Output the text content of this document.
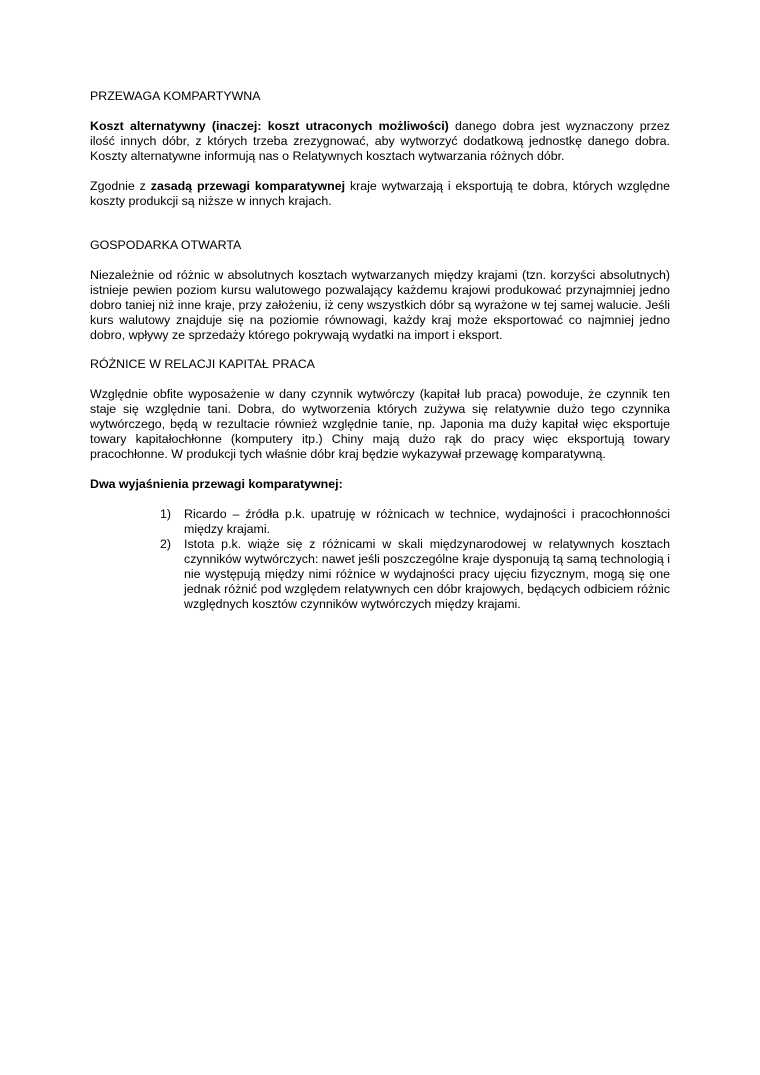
PRZEWAGA KOMPARTYWNA

Koszt alternatywny (inaczej: koszt utraconych możliwości) danego dobra jest wyznaczony przez ilość innych dóbr, z których trzeba zrezygnować, aby wytworzyć dodatkową jednostkę danego dobra. Koszty alternatywne informują nas o Relatywnych kosztach wytwarzania różnych dóbr.

Zgodnie z zasadą przewagi komparatywnej kraje wytwarzają i eksportują te dobra, których względne koszty produkcji są niższe w innych krajach.

GOSPODARKA OTWARTA

Niezależnie od różnic w absolutnych kosztach wytwarzanych między krajami (tzn. korzyści absolutnych) istnieje pewien poziom kursu walutowego pozwalający każdemu krajowi produkować przynajmniej jedno dobro taniej niż inne kraje, przy założeniu, iż ceny wszystkich dóbr są wyrażone w tej samej walucie. Jeśli kurs walutowy znajduje się na poziomie równowagi, każdy kraj może eksportować co najmniej jedno dobro, wpływy ze sprzedaży którego pokrywają wydatki na import i eksport.

RÓŻNICE W RELACJI KAPITAŁ PRACA

Względnie obfite wyposażenie w dany czynnik wytwórczy (kapitał lub praca) powoduje, że czynnik ten staje się względnie tani. Dobra, do wytworzenia których zużywa się relatywnie dużo tego czynnika wytwórczego, będą w rezultacie również względnie tanie, np. Japonia ma duży kapitał więc eksportuje towary kapitałochłonne (komputery itp.) Chiny mają dużo rąk do pracy więc eksportują towary pracochłonne. W produkcji tych właśnie dóbr kraj będzie wykazywał przewagę komparatywną.

Dwa wyjaśnienia przewagi komparatywnej:

1) Ricardo – źródła p.k. upatruję w różnicach w technice, wydajności i pracochłonności między krajami.
2) Istota p.k. wiąże się z różnicami w skali międzynarodowej w relatywnych kosztach czynników wytwórczych: nawet jeśli poszczególne kraje dysponują tą samą technologią i nie występują między nimi różnice w wydajności pracy ujęciu fizycznym, mogą się one jednak różnić pod względem relatywnych cen dóbr krajowych, będących odbiciem różnic względnych kosztów czynników wytwórczych między krajami.
